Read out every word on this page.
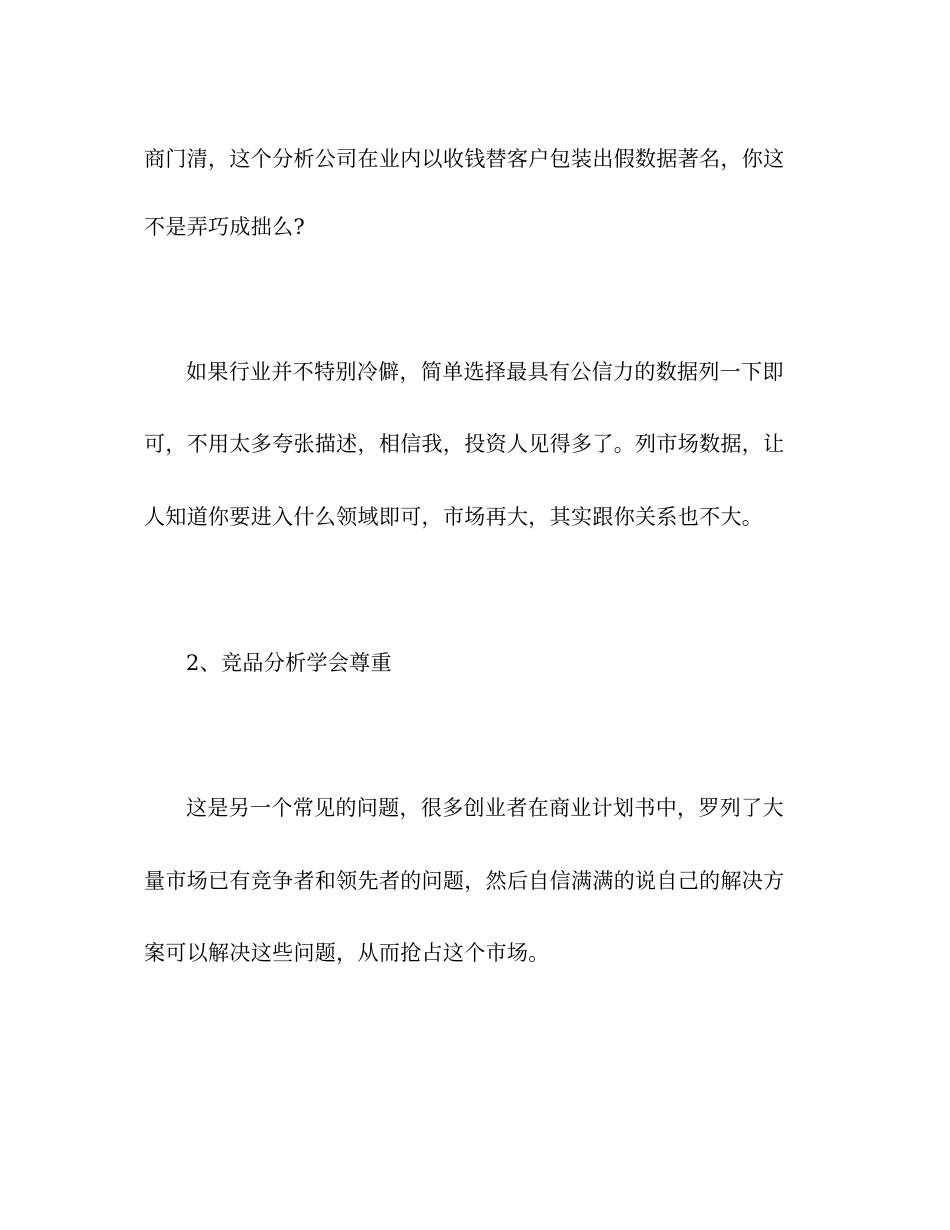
商门清，这个分析公司在业内以收钱替客户包装出假数据著名，你这
不是弄巧成拙么?
如果行业并不特别冷僻，简单选择最具有公信力的数据列一下即
可，不用太多夸张描述，相信我，投资人见得多了。列市场数据，让
人知道你要进入什么领域即可，市场再大，其实跟你关系也不大。
2、竞品分析学会尊重
这是另一个常见的问题，很多创业者在商业计划书中，罗列了大
量市场已有竞争者和领先者的问题，然后自信满满的说自己的解决方
案可以解决这些问题，从而抢占这个市场。
